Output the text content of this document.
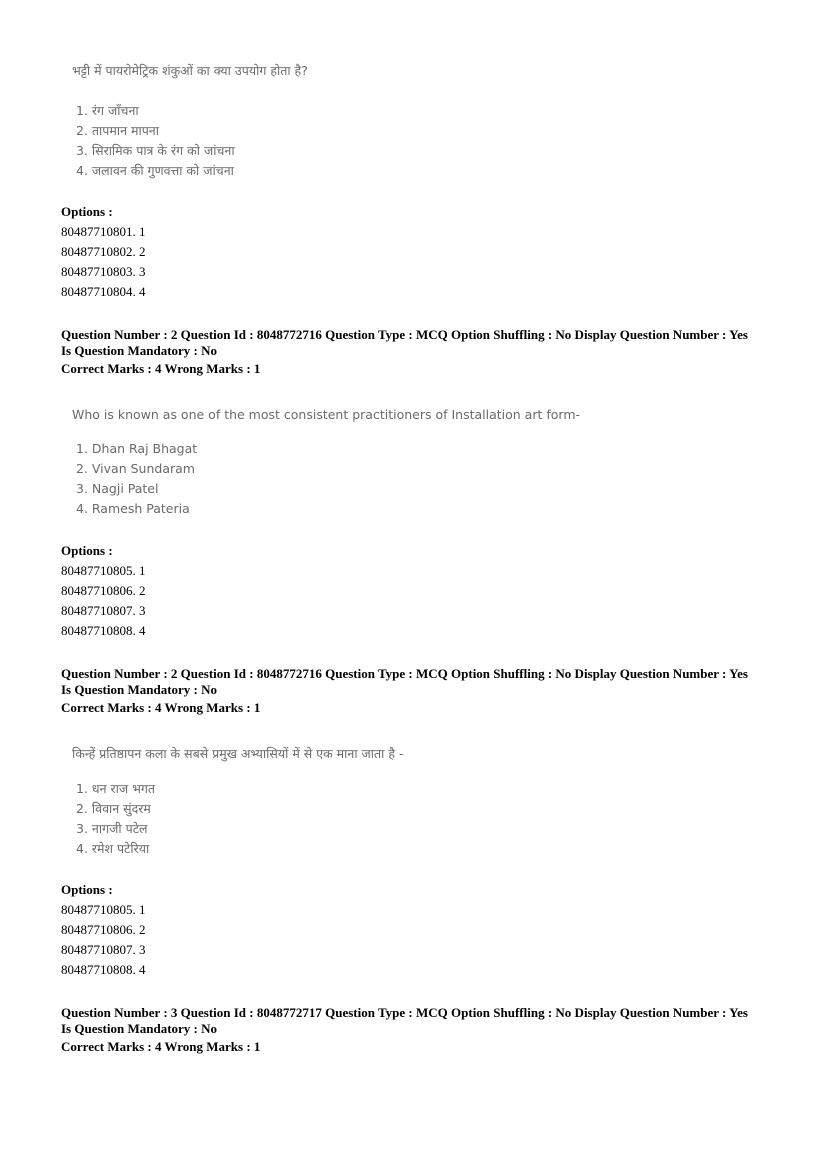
भट्टी में पायरोमेट्रिक शंकुओं का क्या उपयोग होता है?
1. रंग जाँचना
2. तापमान मापना
3. सिरामिक पात्र के रंग को जांचना
4. जलावन की गुणवत्ता को जांचना
Options :
80487710801. 1
80487710802. 2
80487710803. 3
80487710804. 4
Question Number : 2 Question Id : 8048772716 Question Type : MCQ Option Shuffling : No Display Question Number : Yes
Is Question Mandatory : No
Correct Marks : 4 Wrong Marks : 1
Who is known as one of the most consistent practitioners of Installation art form-
1. Dhan Raj Bhagat
2. Vivan Sundaram
3. Nagji Patel
4. Ramesh Pateria
Options :
80487710805. 1
80487710806. 2
80487710807. 3
80487710808. 4
Question Number : 2 Question Id : 8048772716 Question Type : MCQ Option Shuffling : No Display Question Number : Yes
Is Question Mandatory : No
Correct Marks : 4 Wrong Marks : 1
किन्हें प्रतिष्ठापन कला के सबसे प्रमुख अभ्यासियों में से एक माना जाता है -
1. धन राज भगत
2. विवान सुंदरम
3. नागजी पटेल
4. रमेश पटेरिया
Options :
80487710805. 1
80487710806. 2
80487710807. 3
80487710808. 4
Question Number : 3 Question Id : 8048772717 Question Type : MCQ Option Shuffling : No Display Question Number : Yes
Is Question Mandatory : No
Correct Marks : 4 Wrong Marks : 1
